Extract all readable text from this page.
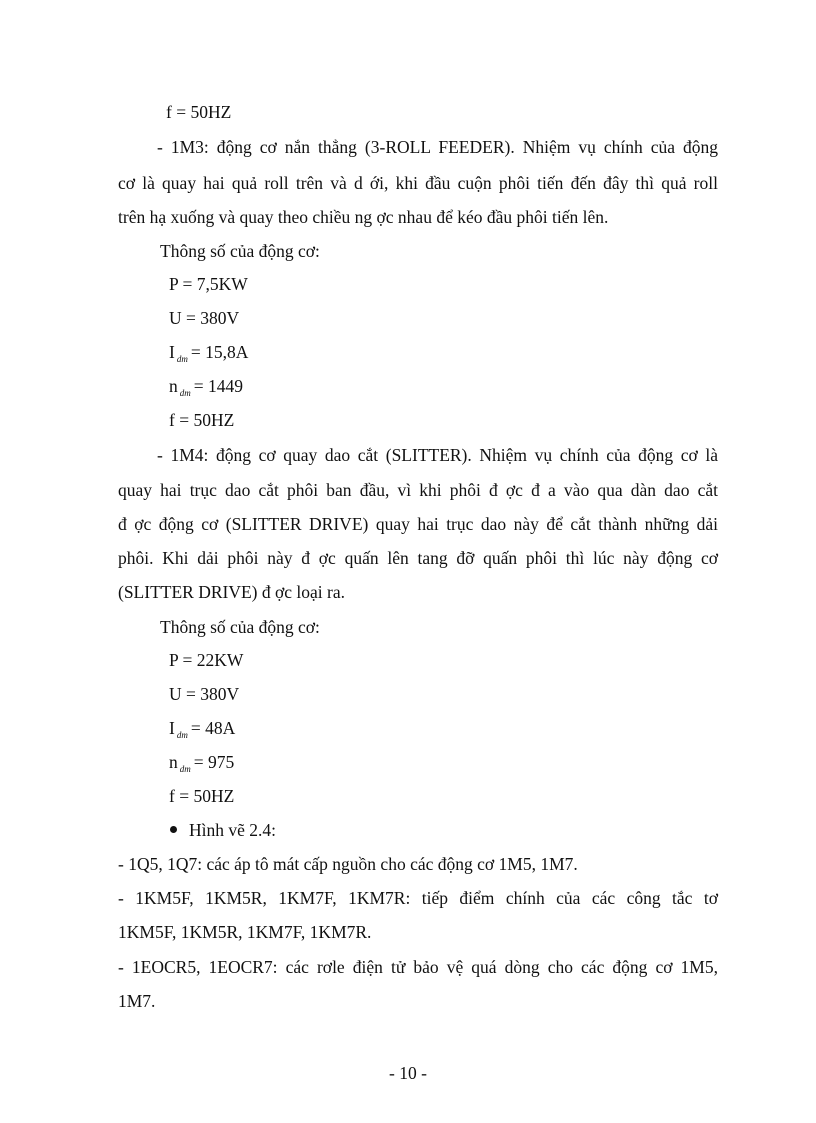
f = 50HZ
- 1M3: động cơ nắn thẳng (3-ROLL FEEDER). Nhiệm vụ chính của động
cơ là quay hai quả roll trên và d ới, khi đầu cuộn phôi tiến đến đây thì quả roll
trên hạ xuống và quay theo chiều ng ợc nhau để kéo đầu phôi tiến lên.
Thông số của động cơ:
P = 7,5KW
U = 380V
I $_{dm}$ = 15,8A
n $_{dm}$ = 1449
f = 50HZ
- 1M4: động cơ quay dao cắt (SLITTER). Nhiệm vụ chính của động cơ là
quay hai trục dao cắt phôi ban đầu, vì khi phôi đ ợc đ a vào qua dàn dao cắt
đ ợc động cơ (SLITTER DRIVE) quay hai trục dao này để cắt thành những dải
phôi. Khi dải phôi này đ ợc quấn lên tang đỡ quấn phôi thì lúc này động cơ
(SLITTER DRIVE) đ ợc loại ra.
Thông số của động cơ:
P = 22KW
U = 380V
I $_{dm}$ = 48A
n $_{dm}$ = 975
f = 50HZ
Hình vẽ 2.4:
- 1Q5, 1Q7: các áp tô mát cấp nguồn cho các động cơ 1M5, 1M7.
- 1KM5F, 1KM5R, 1KM7F, 1KM7R: tiếp điểm chính của các công tắc tơ
1KM5F, 1KM5R, 1KM7F, 1KM7R.
- 1EOCR5, 1EOCR7: các rơle điện tử bảo vệ quá dòng cho các động cơ 1M5,
1M7.
- 10 -
